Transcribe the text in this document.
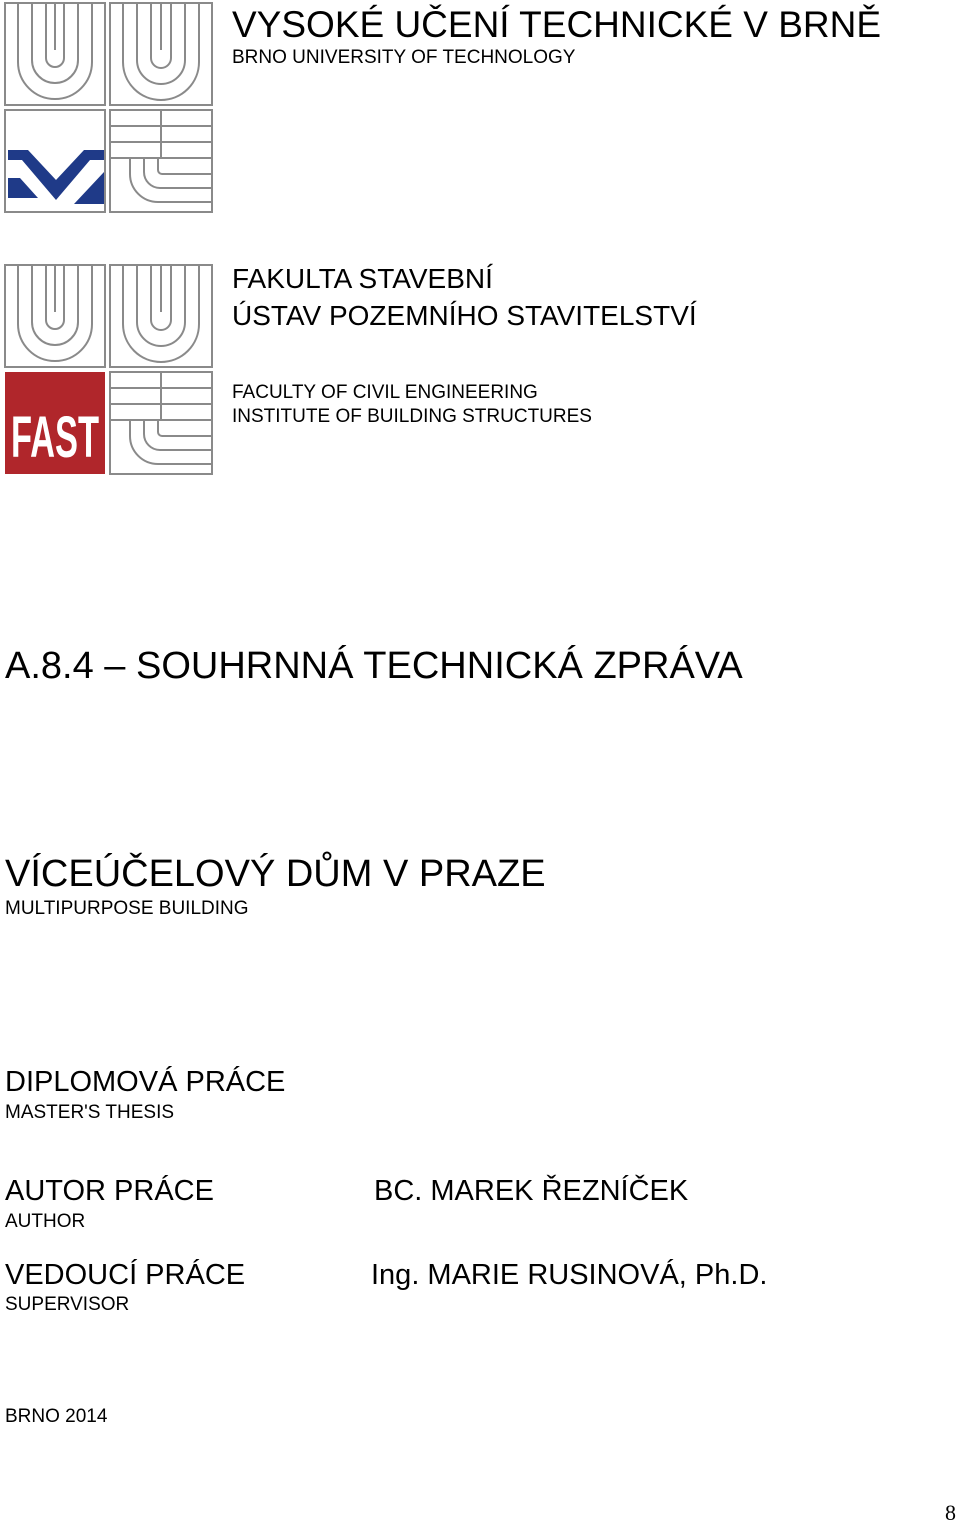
FAST
VYSOKÉ UČENÍ TECHNICKÉ V BRNĚ
BRNO UNIVERSITY OF TECHNOLOGY
FAKULTA STAVEBNÍ
ÚSTAV POZEMNÍHO STAVITELSTVÍ
FACULTY OF CIVIL ENGINEERING
INSTITUTE OF BUILDING STRUCTURES
A.8.4 – SOUHRNNÁ TECHNICKÁ ZPRÁVA
VÍCEÚČELOVÝ DŮM V PRAZE
MULTIPURPOSE BUILDING
DIPLOMOVÁ PRÁCE
MASTER'S THESIS
AUTOR PRÁCE
AUTHOR
BC. MAREK ŘEZNÍČEK
VEDOUCÍ PRÁCE
SUPERVISOR
Ing. MARIE RUSINOVÁ, Ph.D.
BRNO 2014
8
